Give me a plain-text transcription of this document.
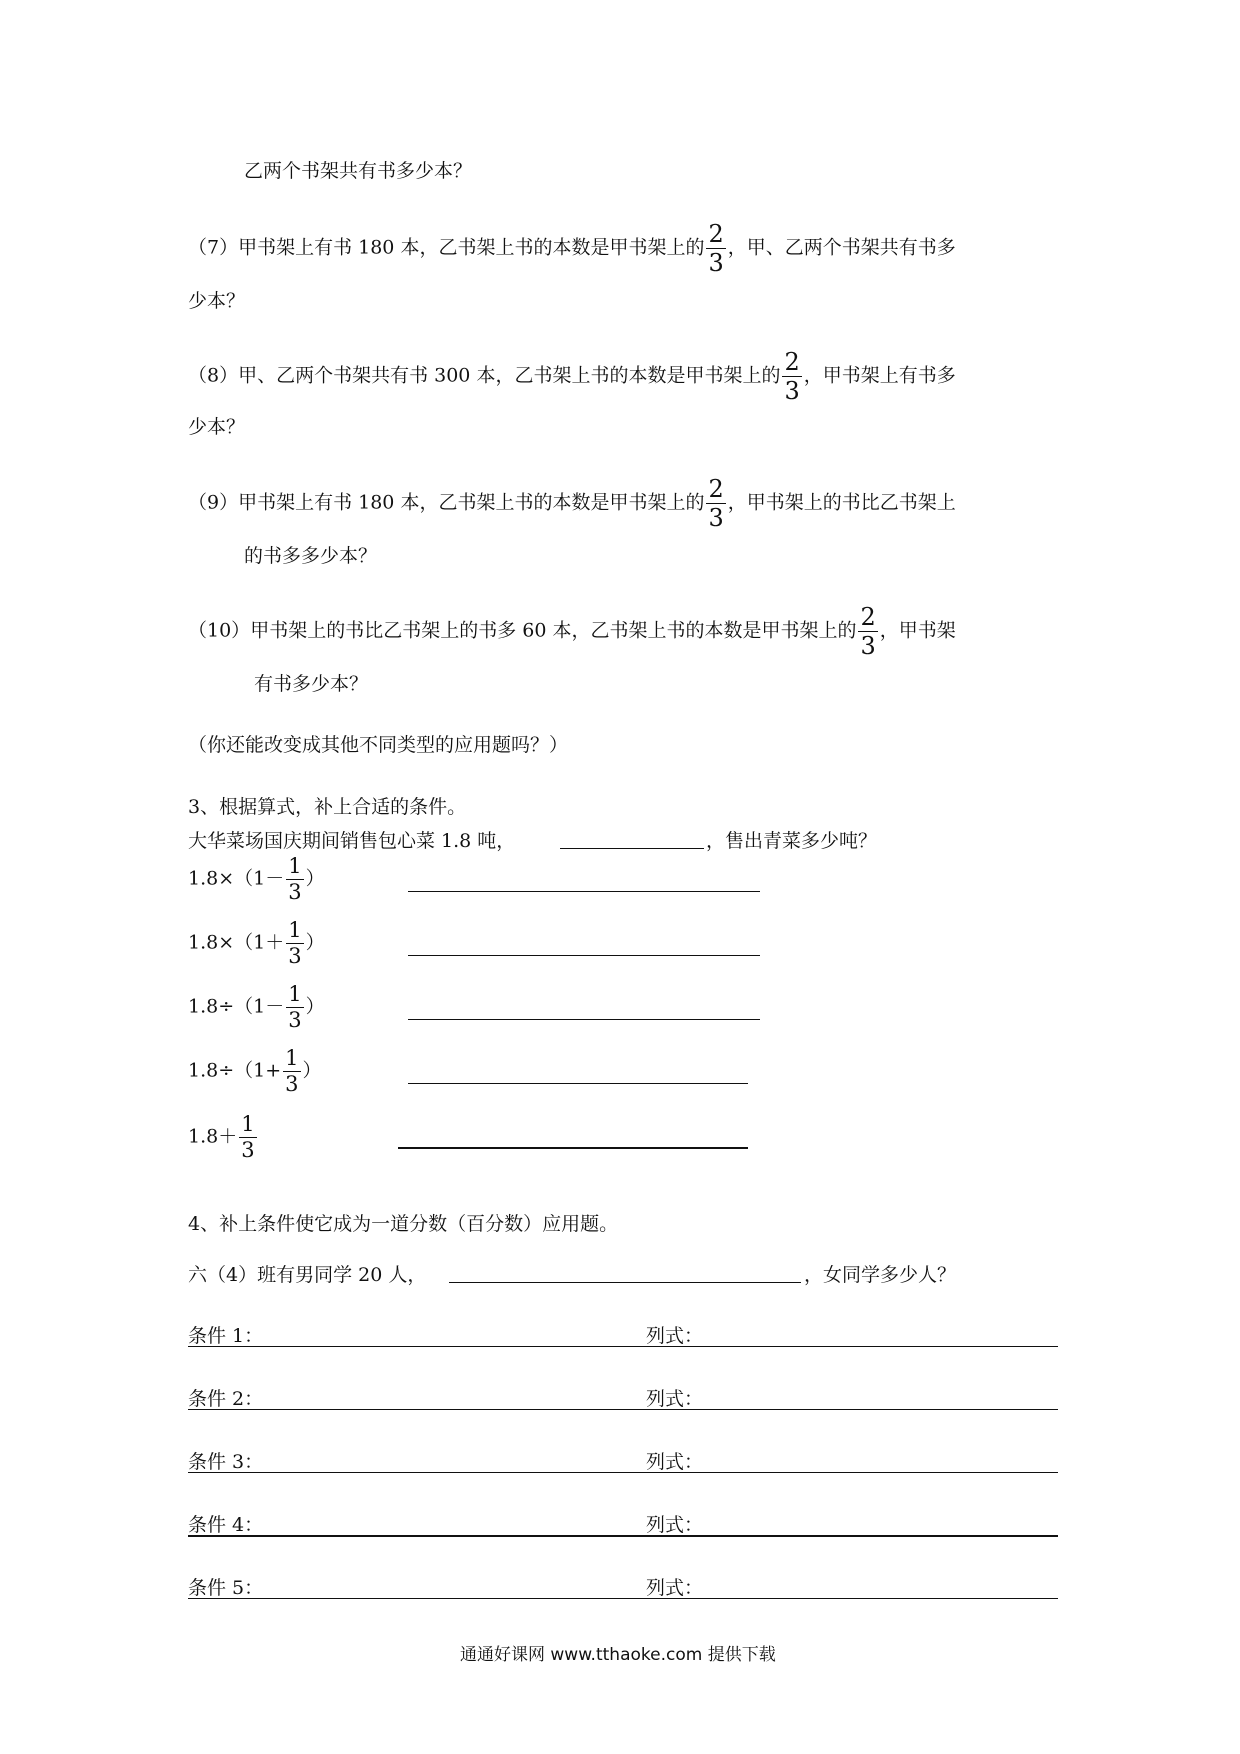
乙两个书架共有书多少本？
（7）甲书架上有书 180 本，乙书架上书的本数是甲书架上的 $\frac{2}{3}$ ，甲、乙两个书架共有书多
少本？
（8）甲、乙两个书架共有书 300 本，乙书架上书的本数是甲书架上的 $\frac{2}{3}$ ，甲书架上有书多
少本？
（9）甲书架上有书 180 本，乙书架上书的本数是甲书架上的 $\frac{2}{3}$ ，甲书架上的书比乙书架上
的书多多少本？
（10）甲书架上的书比乙书架上的书多 60 本，乙书架上书的本数是甲书架上的 $\frac{2}{3}$ ，甲书架
有书多少本？
（你还能改变成其他不同类型的应用题吗？）
3、根据算式，补上合适的条件。
大华菜场国庆期间销售包心菜 1.8 吨，	，售出青菜多少吨？
$1.8\times(1- \frac{1}{3}$ ）
$1.8\times(1+ \frac{1}{3}$ ）
$1.8\div(1- \frac{1}{3}$ ）
$1.8\div(1+ \frac{1}{3}$ ）
$1.8+ \frac{1}{3}$
4、补上条件使它成为一道分数（百分数）应用题。
六（4）班有男同学 20 人，	，女同学多少人？
条件 1：	列式：
条件 2：	列式：
条件 3：	列式：
条件 4：	列式：
条件 5：	列式：
通通好课网 www.tthaoke.com 提供下载
